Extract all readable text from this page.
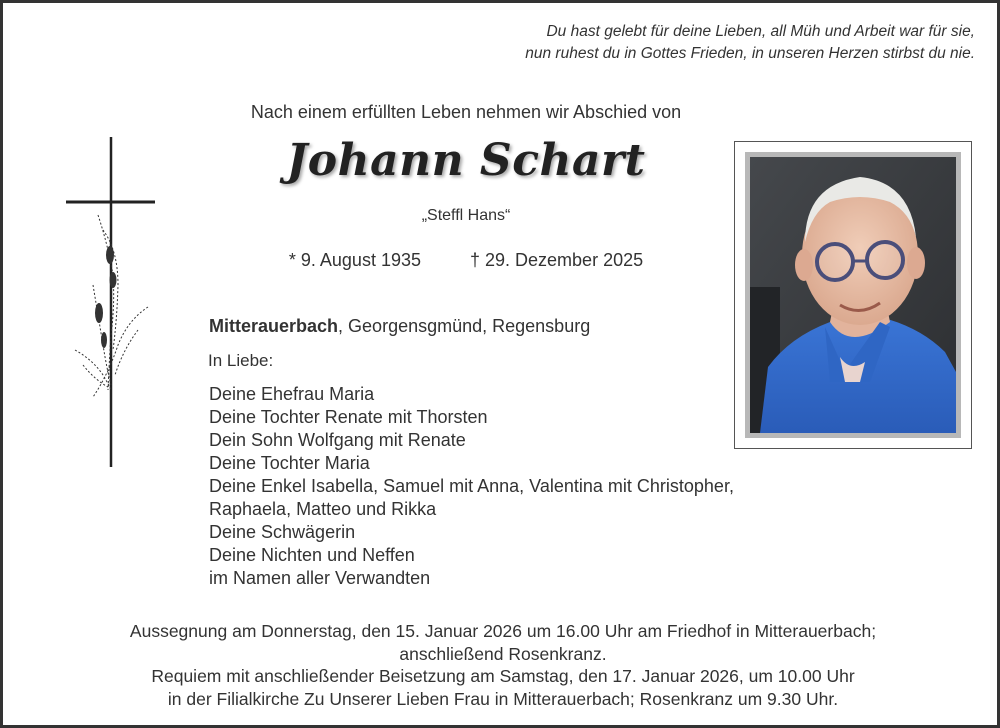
Du hast gelebt für deine Lieben, all Müh und Arbeit war für sie,
nun ruhest du in Gottes Frieden, in unseren Herzen stirbst du nie.
Nach einem erfüllten Leben nehmen wir Abschied von
Johann Schart
„Steffl Hans“
* 9. August 1935	† 29. Dezember 2025
Mitterauerbach, Georgensgmünd, Regensburg
In Liebe:
Deine Ehefrau Maria
Deine Tochter Renate mit Thorsten
Dein Sohn Wolfgang mit Renate
Deine Tochter Maria
Deine Enkel Isabella, Samuel mit Anna, Valentina mit Christopher,
Raphaela, Matteo und Rikka
Deine Schwägerin
Deine Nichten und Neffen
im Namen aller Verwandten
Aussegnung am Donnerstag, den 15. Januar 2026 um 16.00 Uhr am Friedhof in Mitterauerbach;
anschließend Rosenkranz.
Requiem mit anschließender Beisetzung am Samstag, den 17. Januar 2026, um 10.00 Uhr
in der Filialkirche Zu Unserer Lieben Frau in Mitterauerbach; Rosenkranz um 9.30 Uhr.
